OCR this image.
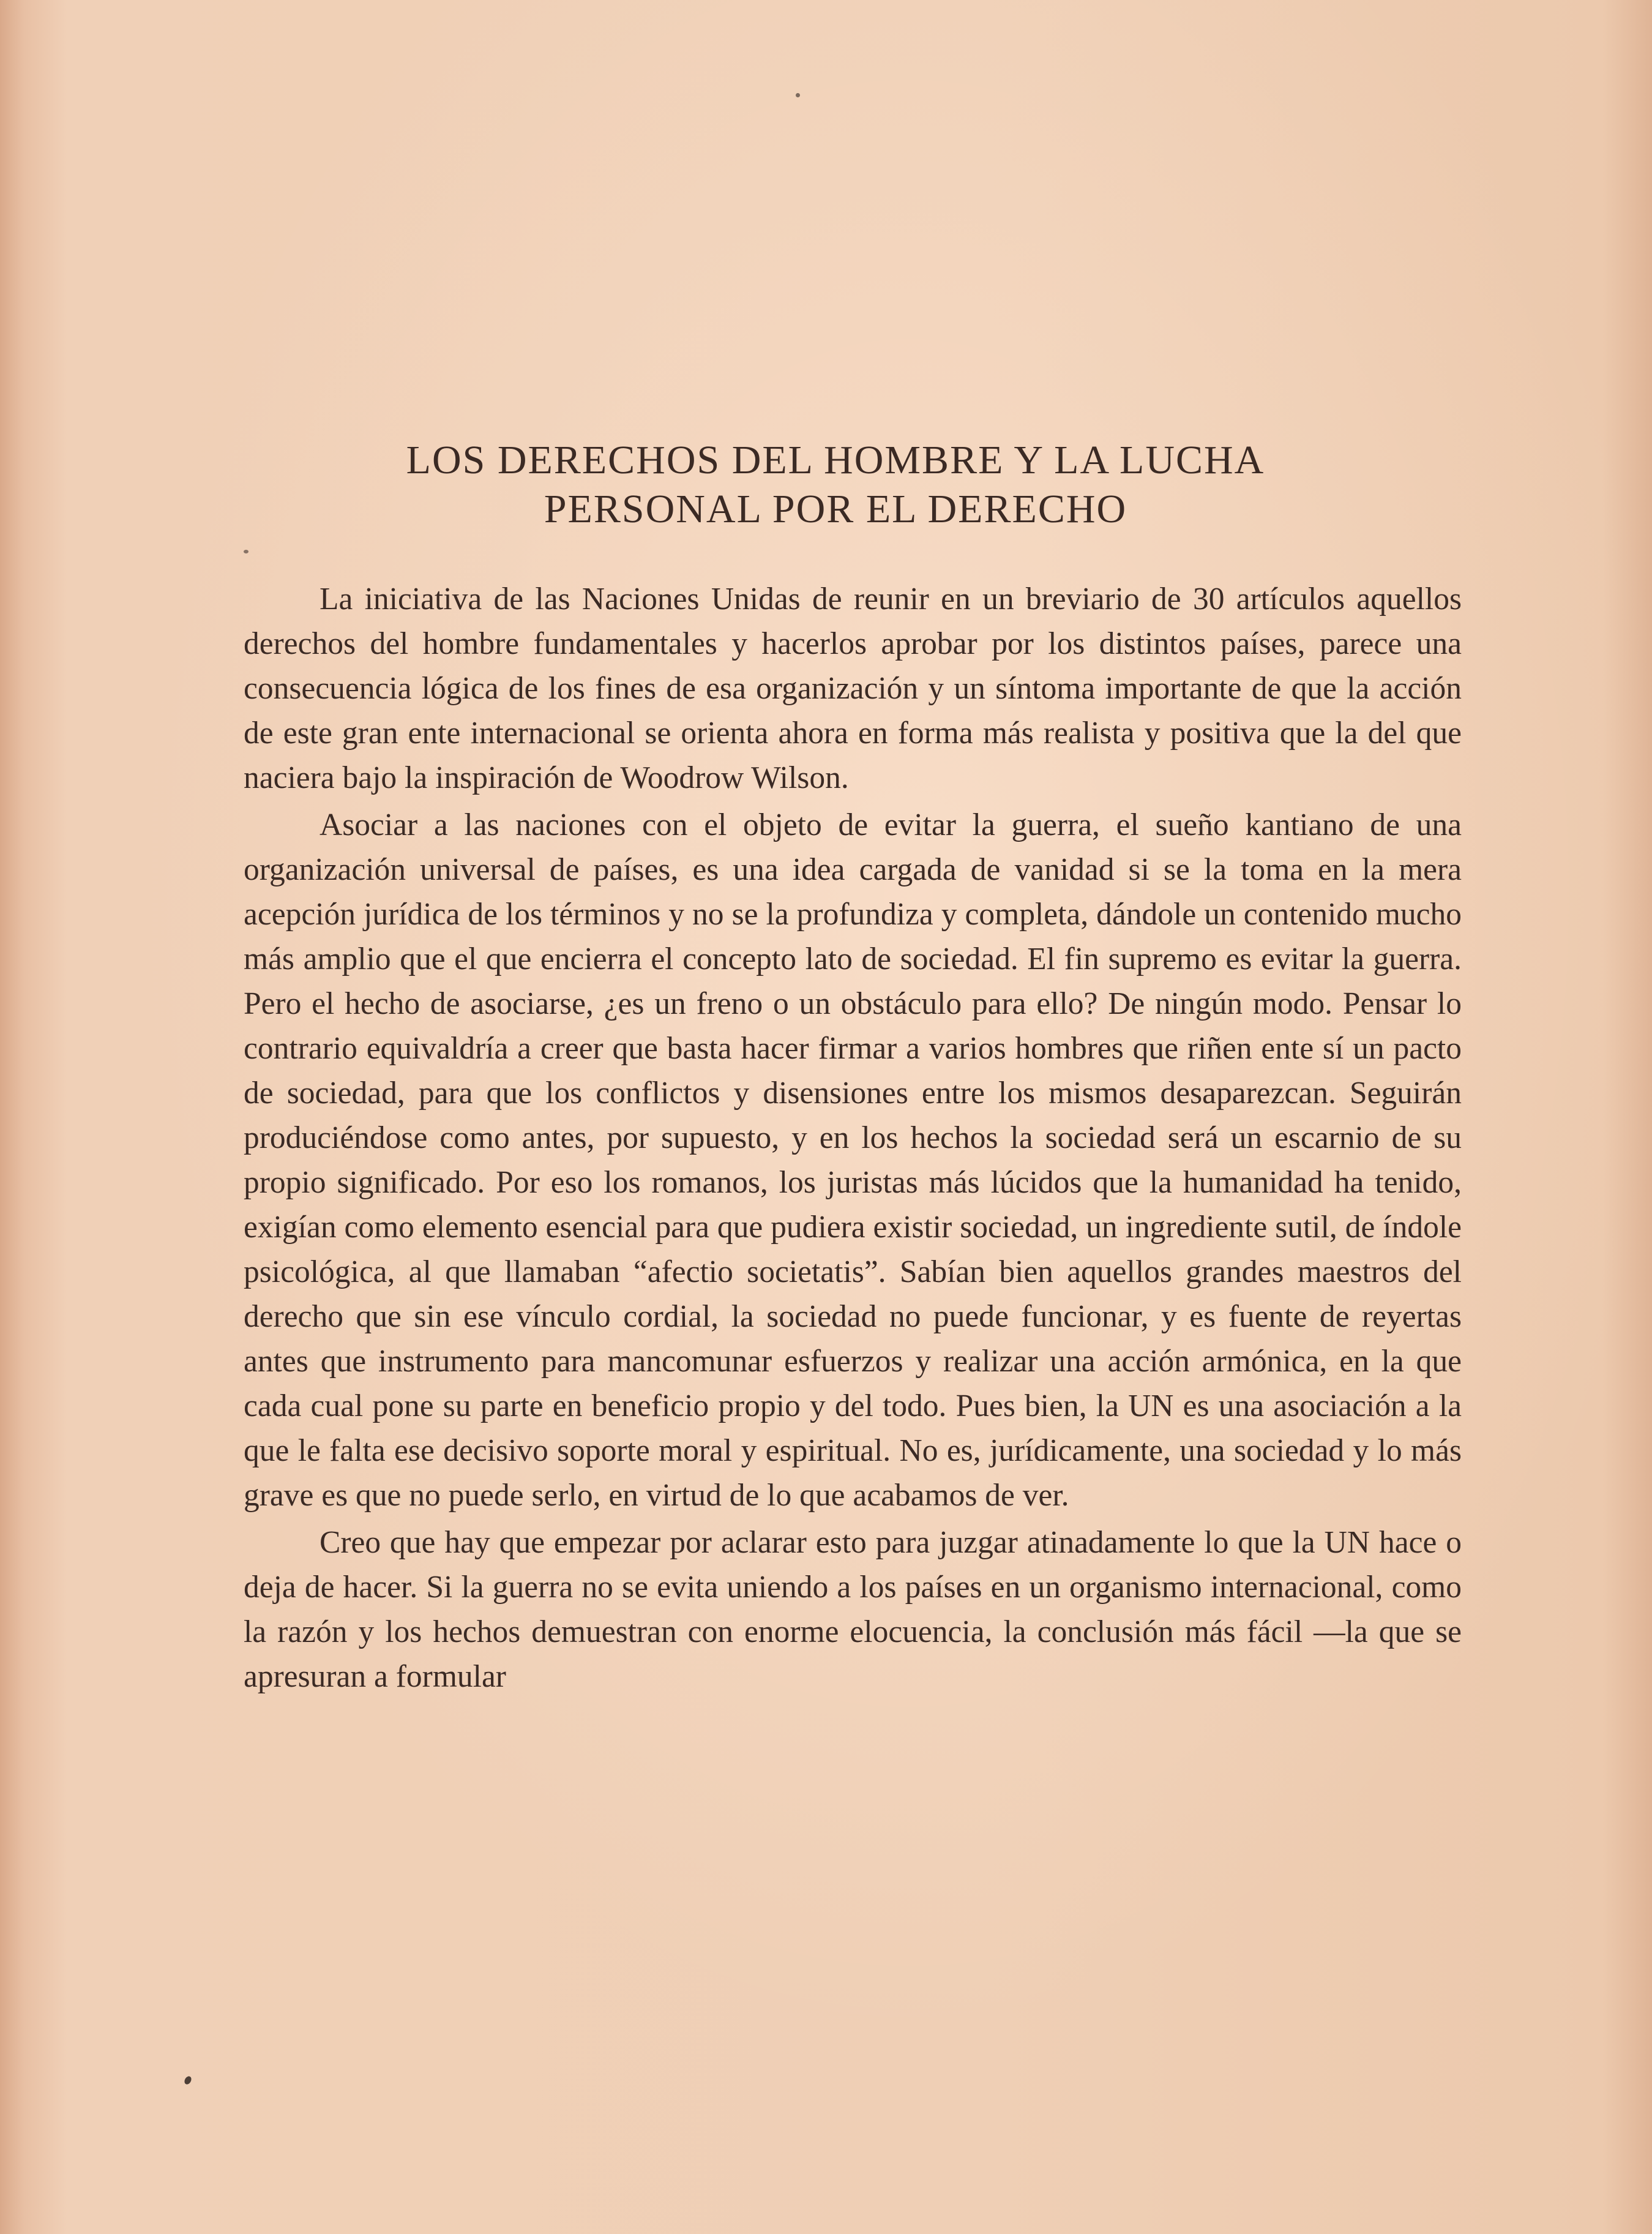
LOS DERECHOS DEL HOMBRE Y LA LUCHA
PERSONAL POR EL DERECHO

La iniciativa de las Naciones Unidas de reunir en un breviario de 30 artículos aquellos derechos del hombre fundamentales y hacerlos aprobar por los distintos países, parece una consecuencia lógica de los fines de esa organización y un síntoma importante de que la acción de este gran ente internacional se orienta ahora en forma más realista y positiva que la del que naciera bajo la inspiración de Woodrow Wilson.

Asociar a las naciones con el objeto de evitar la guerra, el sueño kantiano de una organización universal de países, es una idea cargada de vanidad si se la toma en la mera acepción jurídica de los términos y no se la profundiza y completa, dándole un contenido mucho más amplio que el que encierra el concepto lato de sociedad. El fin supremo es evitar la guerra. Pero el hecho de asociarse, ¿es un freno o un obstáculo para ello? De ningún modo. Pensar lo contrario equivaldría a creer que basta hacer firmar a varios hombres que riñen ente sí un pacto de sociedad, para que los conflictos y disensiones entre los mismos desaparezcan. Seguirán produciéndose como antes, por supuesto, y en los hechos la sociedad será un escarnio de su propio significado. Por eso los romanos, los juristas más lúcidos que la humanidad ha tenido, exigían como elemento esencial para que pudiera existir sociedad, un ingrediente sutil, de índole psicológica, al que llamaban “afectio societatis”. Sabían bien aquellos grandes maestros del derecho que sin ese vínculo cordial, la sociedad no puede funcionar, y es fuente de reyertas antes que instrumento para mancomunar esfuerzos y realizar una acción armónica, en la que cada cual pone su parte en beneficio propio y del todo. Pues bien, la UN es una asociación a la que le falta ese decisivo soporte moral y espiritual. No es, jurídicamente, una sociedad y lo más grave es que no puede serlo, en virtud de lo que acabamos de ver.

Creo que hay que empezar por aclarar esto para juzgar atinadamente lo que la UN hace o deja de hacer. Si la guerra no se evita uniendo a los países en un organismo internacional, como la razón y los hechos demuestran con enorme elocuencia, la conclusión más fácil —la que se apresuran a formular
